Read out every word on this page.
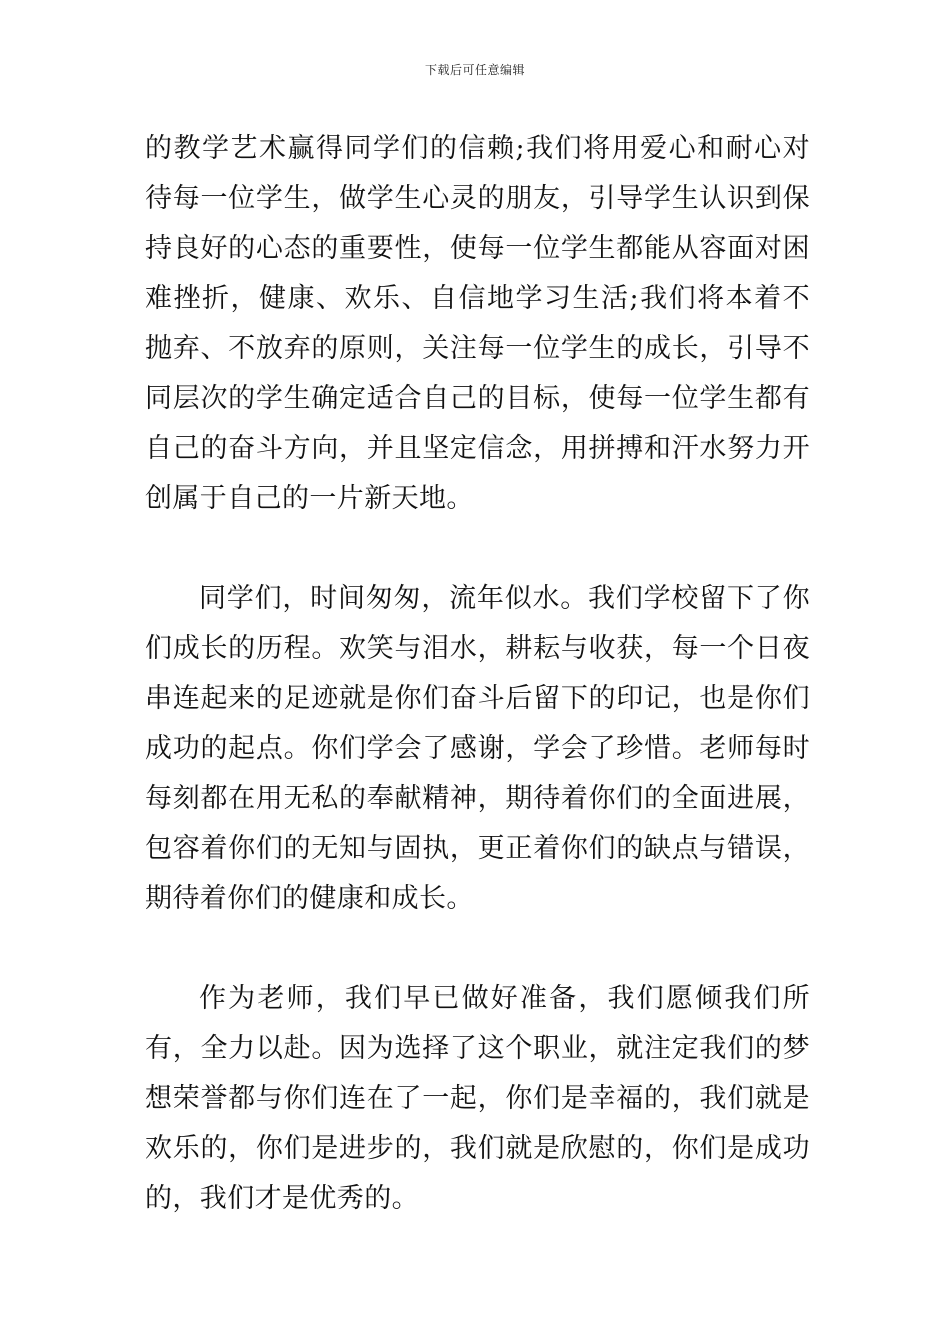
下载后可任意编辑

的教学艺术赢得同学们的信赖;我们将用爱心和耐心对待每一位学生，做学生心灵的朋友，引导学生认识到保持良好的心态的重要性，使每一位学生都能从容面对困难挫折，健康、欢乐、自信地学习生活;我们将本着不抛弃、不放弃的原则，关注每一位学生的成长，引导不同层次的学生确定适合自己的目标，使每一位学生都有自己的奋斗方向，并且坚定信念，用拼搏和汗水努力开创属于自己的一片新天地。

同学们，时间匆匆，流年似水。我们学校留下了你们成长的历程。欢笑与泪水，耕耘与收获，每一个日夜串连起来的足迹就是你们奋斗后留下的印记，也是你们成功的起点。你们学会了感谢，学会了珍惜。老师每时每刻都在用无私的奉献精神，期待着你们的全面进展，包容着你们的无知与固执，更正着你们的缺点与错误，期待着你们的健康和成长。

作为老师，我们早已做好准备，我们愿倾我们所有，全力以赴。因为选择了这个职业，就注定我们的梦想荣誉都与你们连在了一起，你们是幸福的，我们就是欢乐的，你们是进步的，我们就是欣慰的，你们是成功的，我们才是优秀的。
